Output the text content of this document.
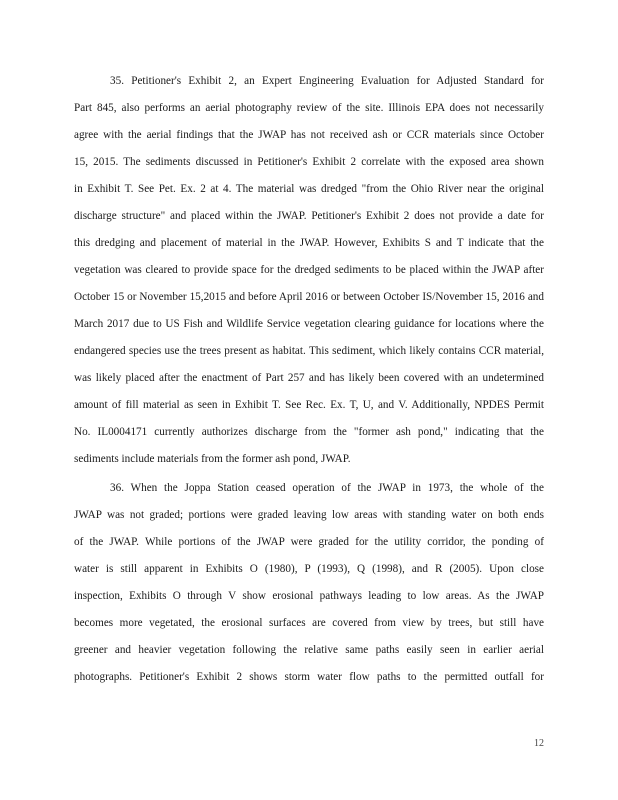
35. Petitioner's Exhibit 2, an Expert Engineering Evaluation for Adjusted Standard for
Part 845, also performs an aerial photography review of the site. Illinois EPA does not necessarily
agree with the aerial findings that the JWAP has not received ash or CCR materials since October
15, 2015. The sediments discussed in Petitioner's Exhibit 2 correlate with the exposed area shown
in Exhibit T. See Pet. Ex. 2 at 4. The material was dredged "from the Ohio River near the original
discharge structure" and placed within the JWAP. Petitioner's Exhibit 2 does not provide a date for
this dredging and placement of material in the JWAP. However, Exhibits S and T indicate that the
vegetation was cleared to provide space for the dredged sediments to be placed within the JWAP after
October 15 or November 15,2015 and before April 2016 or between October IS/November 15, 2016 and
March 2017 due to US Fish and Wildlife Service vegetation clearing guidance for locations where the
endangered species use the trees present as habitat. This sediment, which likely contains CCR material,
was likely placed after the enactment of Part 257 and has likely been covered with an undetermined
amount of fill material as seen in Exhibit T. See Rec. Ex. T, U, and V. Additionally, NPDES Permit
No. IL0004171 currently authorizes discharge from the "former ash pond," indicating that the
sediments include materials from the former ash pond, JWAP.
36. When the Joppa Station ceased operation of the JWAP in 1973, the whole of the
JWAP was not graded; portions were graded leaving low areas with standing water on both ends
of the JWAP. While portions of the JWAP were graded for the utility corridor, the ponding of
water is still apparent in Exhibits O (1980), P (1993), Q (1998), and R (2005). Upon close
inspection, Exhibits O through V show erosional pathways leading to low areas. As the JWAP
becomes more vegetated, the erosional surfaces are covered from view by trees, but still have
greener and heavier vegetation following the relative same paths easily seen in earlier aerial
photographs. Petitioner's Exhibit 2 shows storm water flow paths to the permitted outfall for
12
